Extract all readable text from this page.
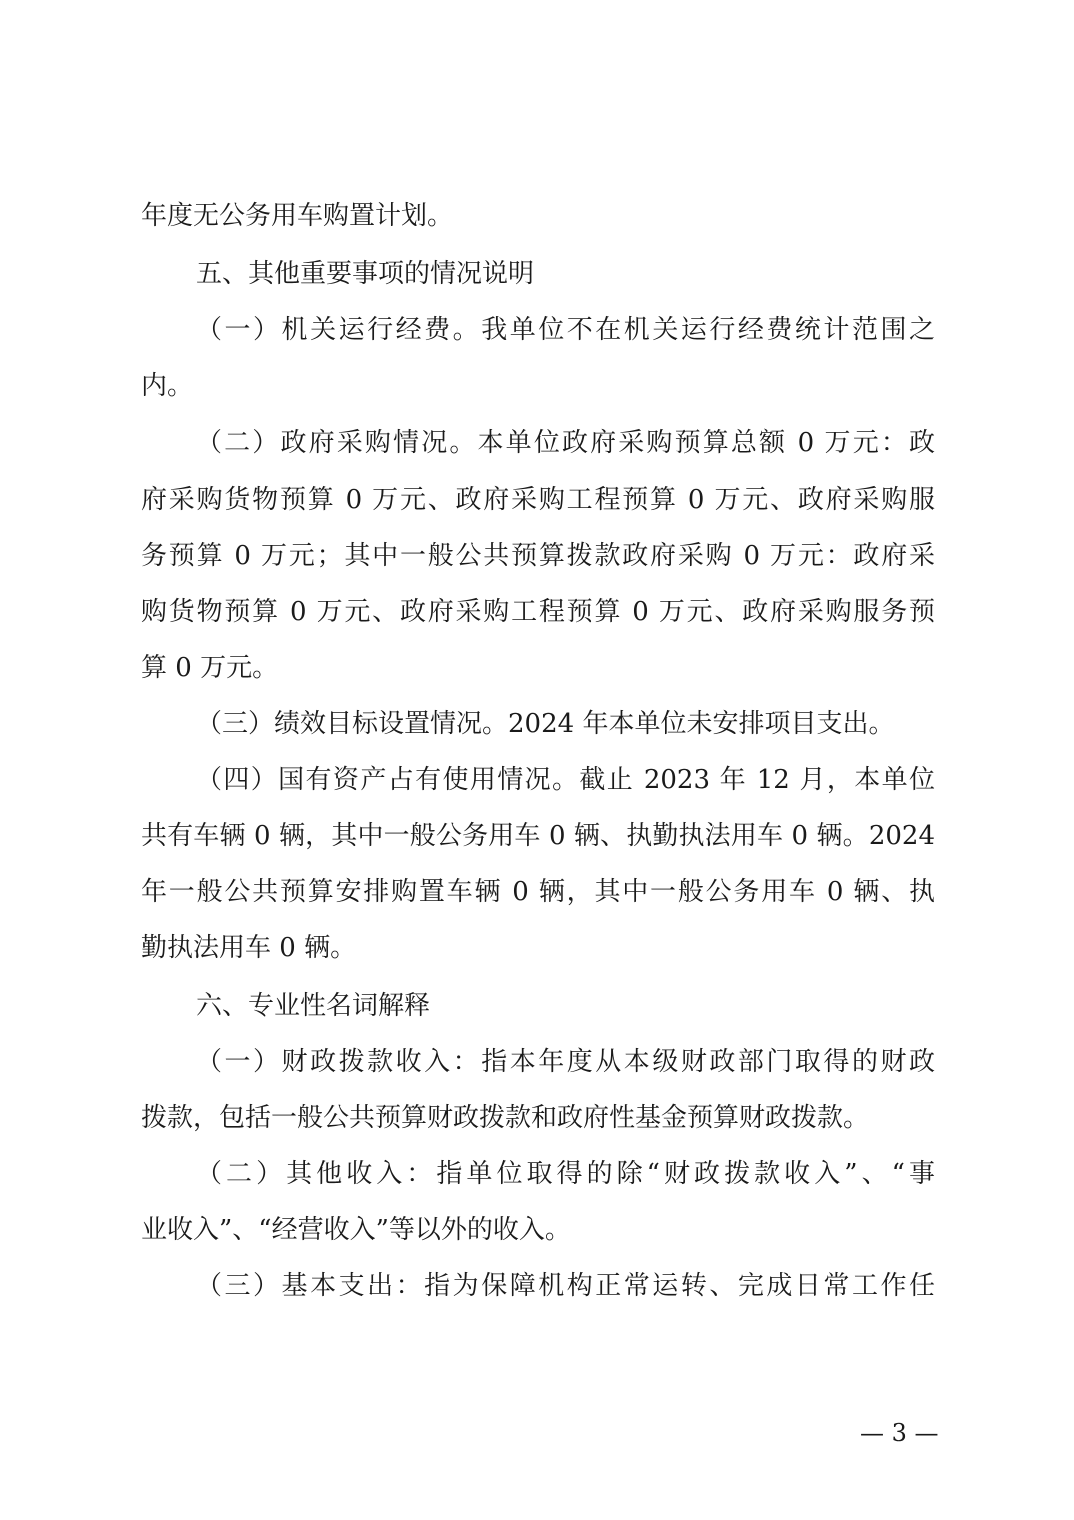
年度无公务用车购置计划。
五、其他重要事项的情况说明
（一）机关运行经费。我单位不在机关运行经费统计范围之
内。
（二）政府采购情况。本单位政府采购预算总额 0 万元：政
府采购货物预算 0 万元、政府采购工程预算 0 万元、政府采购服
务预算 0 万元；其中一般公共预算拨款政府采购 0 万元：政府采
购货物预算 0 万元、政府采购工程预算 0 万元、政府采购服务预
算 0 万元。
（三）绩效目标设置情况。2024 年本单位未安排项目支出。
（四）国有资产占有使用情况。截止 2023 年 12 月，本单位
共有车辆 0 辆，其中一般公务用车 0 辆、执勤执法用车 0 辆。2024
年一般公共预算安排购置车辆 0 辆，其中一般公务用车 0 辆、执
勤执法用车 0 辆。
六、专业性名词解释
（一）财政拨款收入：指本年度从本级财政部门取得的财政
拨款，包括一般公共预算财政拨款和政府性基金预算财政拨款。
（二）其他收入：指单位取得的除“财政拨款收入”、“事
业收入”、“经营收入”等以外的收入。
（三）基本支出：指为保障机构正常运转、完成日常工作任
— 3 —
